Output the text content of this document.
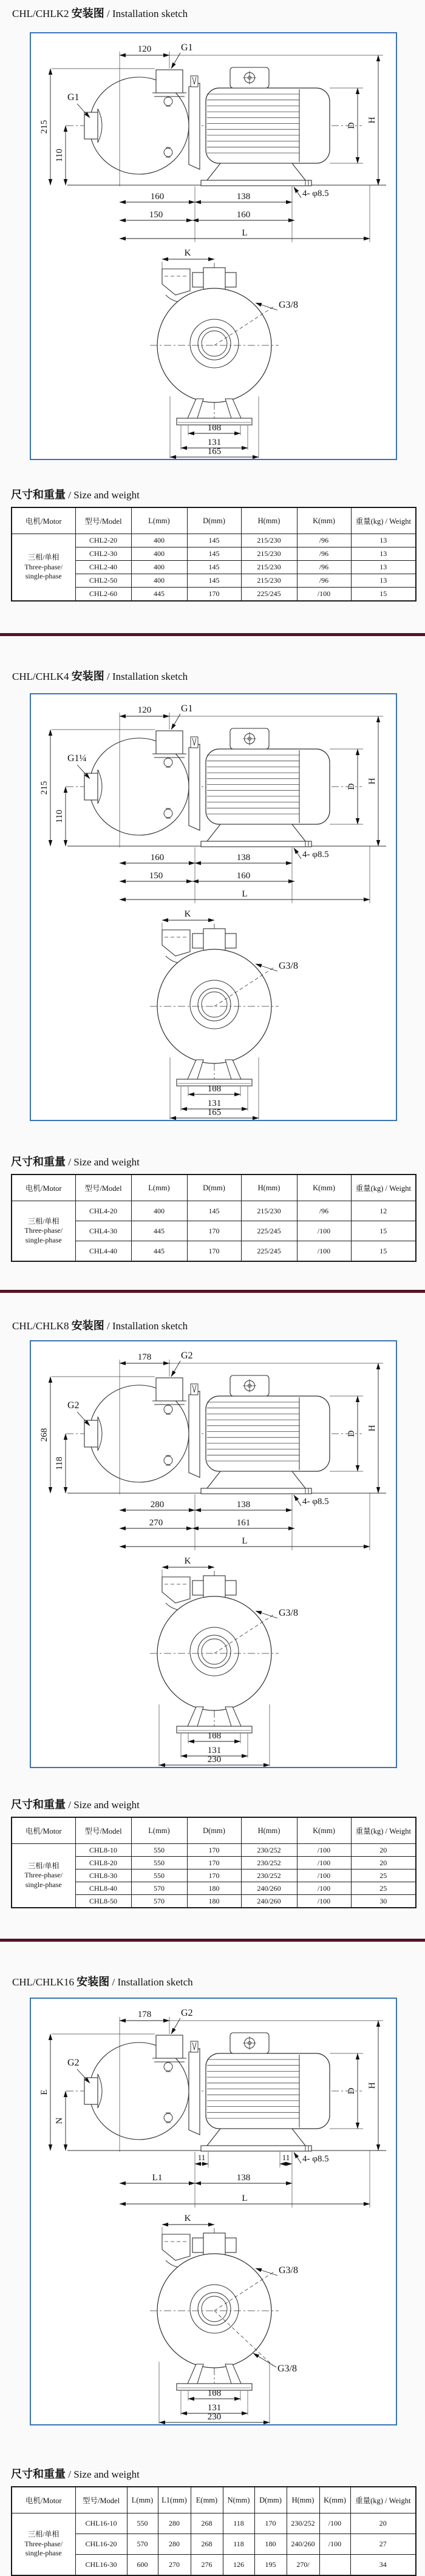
CHL/CHLK2 安装图 / Installation sketch
120	G1
G1
215
110
D
H
4- φ8.5
160	138
150	160
L
K
G3/8
108
131
165
尺寸和重量 / Size and weight
电机/Motor	型号/Model	L(mm)	D(mm)	H(mm)	K(mm)	重量(kg) / Weight

三相/单相
Three-phase/
single-phase	CHL2-20	400	145	215/230	/96	13
	CHL2-30	400	145	215/230	/96	13
	CHL2-40	400	145	215/230	/96	13
	CHL2-50	400	145	215/230	/96	13
	CHL2-60	445	170	225/245	/100	15
CHL/CHLK4 安装图 / Installation sketch
120	G1
G1¼
215
110
D
H
4- φ8.5
160	138
150	160
L
K
G3/8
108
131
165
尺寸和重量 / Size and weight
电机/Motor	型号/Model	L(mm)	D(mm)	H(mm)	K(mm)	重量(kg) / Weight

三相/单相
Three-phase/
single-phase	CHL4-20	400	145	215/230	/96	12
	CHL4-30	445	170	225/245	/100	15
	CHL4-40	445	170	225/245	/100	15
CHL/CHLK8 安装图 / Installation sketch
178	G2
G2
268
118
D
H
4- φ8.5
280	138
270	161
L
K
G3/8
108
131
230
尺寸和重量 / Size and weight
电机/Motor	型号/Model	L(mm)	D(mm)	H(mm)	K(mm)	重量(kg) / Weight

三相/单相
Three-phase/
single-phase	CHL8-10	550	170	230/252	/100	20
	CHL8-20	550	170	230/252	/100	20
	CHL8-30	550	170	230/252	/100	25
	CHL8-40	570	180	240/260	/100	25
	CHL8-50	570	180	240/260	/100	30
CHL/CHLK16 安装图 / Installation sketch
178	G2
G2
E
N
D
H
4- φ8.5
11	11
L1	138
L
K
G3/8
G3/8
108
131
230
尺寸和重量 / Size and weight
电机/Motor	型号/Model	L(mm)	L1(mm)	E(mm)	N(mm)	D(mm)	H(mm)	K(mm)	重量(kg) / Weight

三相/单相
Three-phase/
single-phase	CHL16-10	550	280	268	118	170	230/252	/100	20
	CHL16-20	570	280	268	118	180	240/260	/100	27
	CHL16-30	600	270	276	126	195	270/		34
